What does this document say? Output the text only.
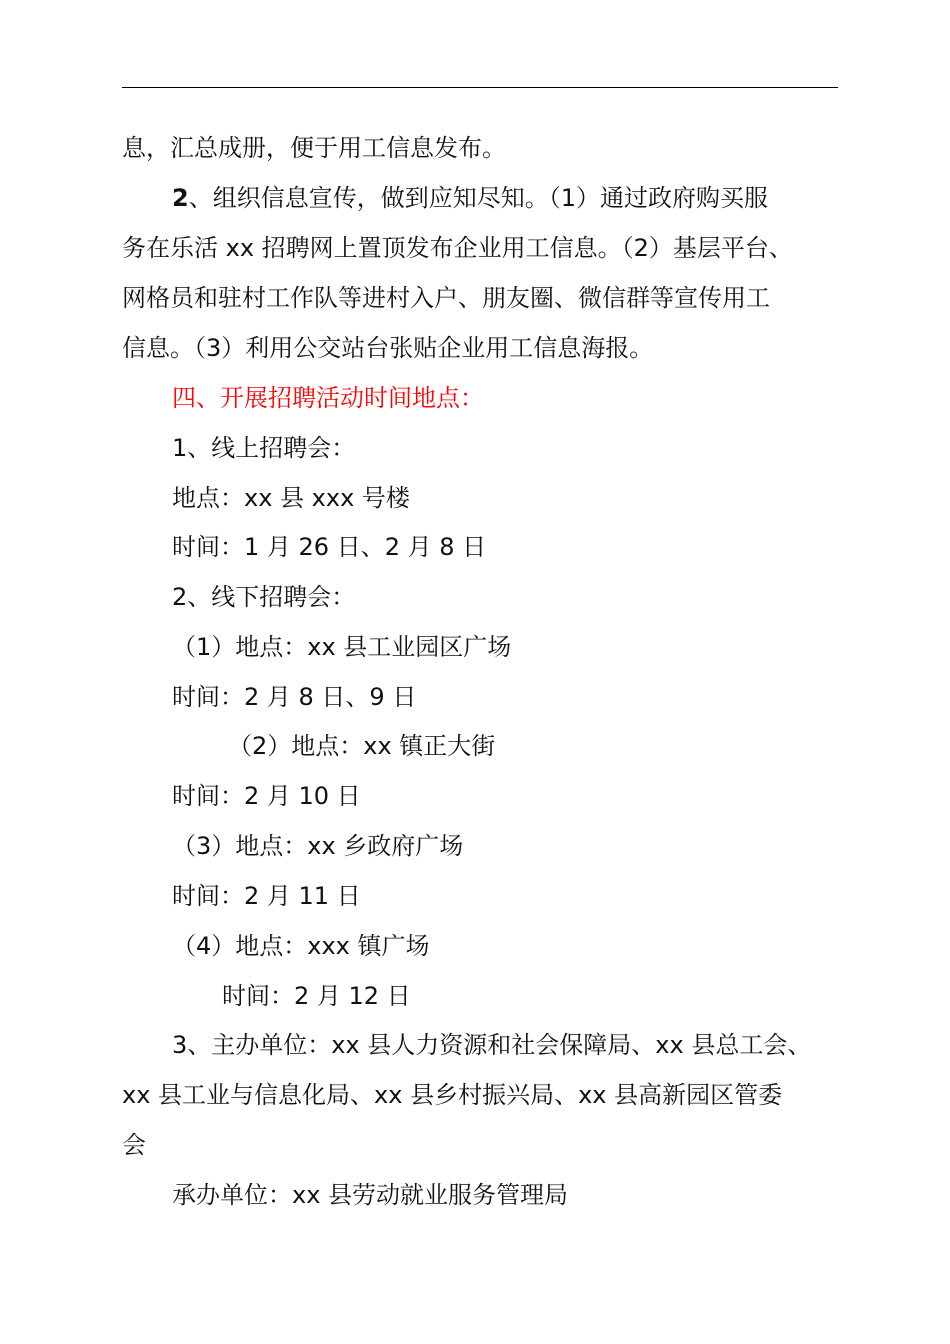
息，汇总成册，便于用工信息发布。
2、组织信息宣传，做到应知尽知。（1）通过政府购买服
务在乐活 xx 招聘网上置顶发布企业用工信息。（2）基层平台、
网格员和驻村工作队等进村入户、朋友圈、微信群等宣传用工
信息。（3）利用公交站台张贴企业用工信息海报。
四、开展招聘活动时间地点：
1、线上招聘会：
地点：xx 县 xxx 号楼
时间：1 月 26 日、2 月 8 日
2、线下招聘会：
（1）地点：xx 县工业园区广场
时间：2 月 8 日、9 日
（2）地点：xx 镇正大街
时间：2 月 10 日
（3）地点：xx 乡政府广场
时间：2 月 11 日
（4）地点：xxx 镇广场
时间：2 月 12 日
3、主办单位：xx 县人力资源和社会保障局、xx 县总工会、
xx 县工业与信息化局、xx 县乡村振兴局、xx 县高新园区管委
会
承办单位：xx 县劳动就业服务管理局
